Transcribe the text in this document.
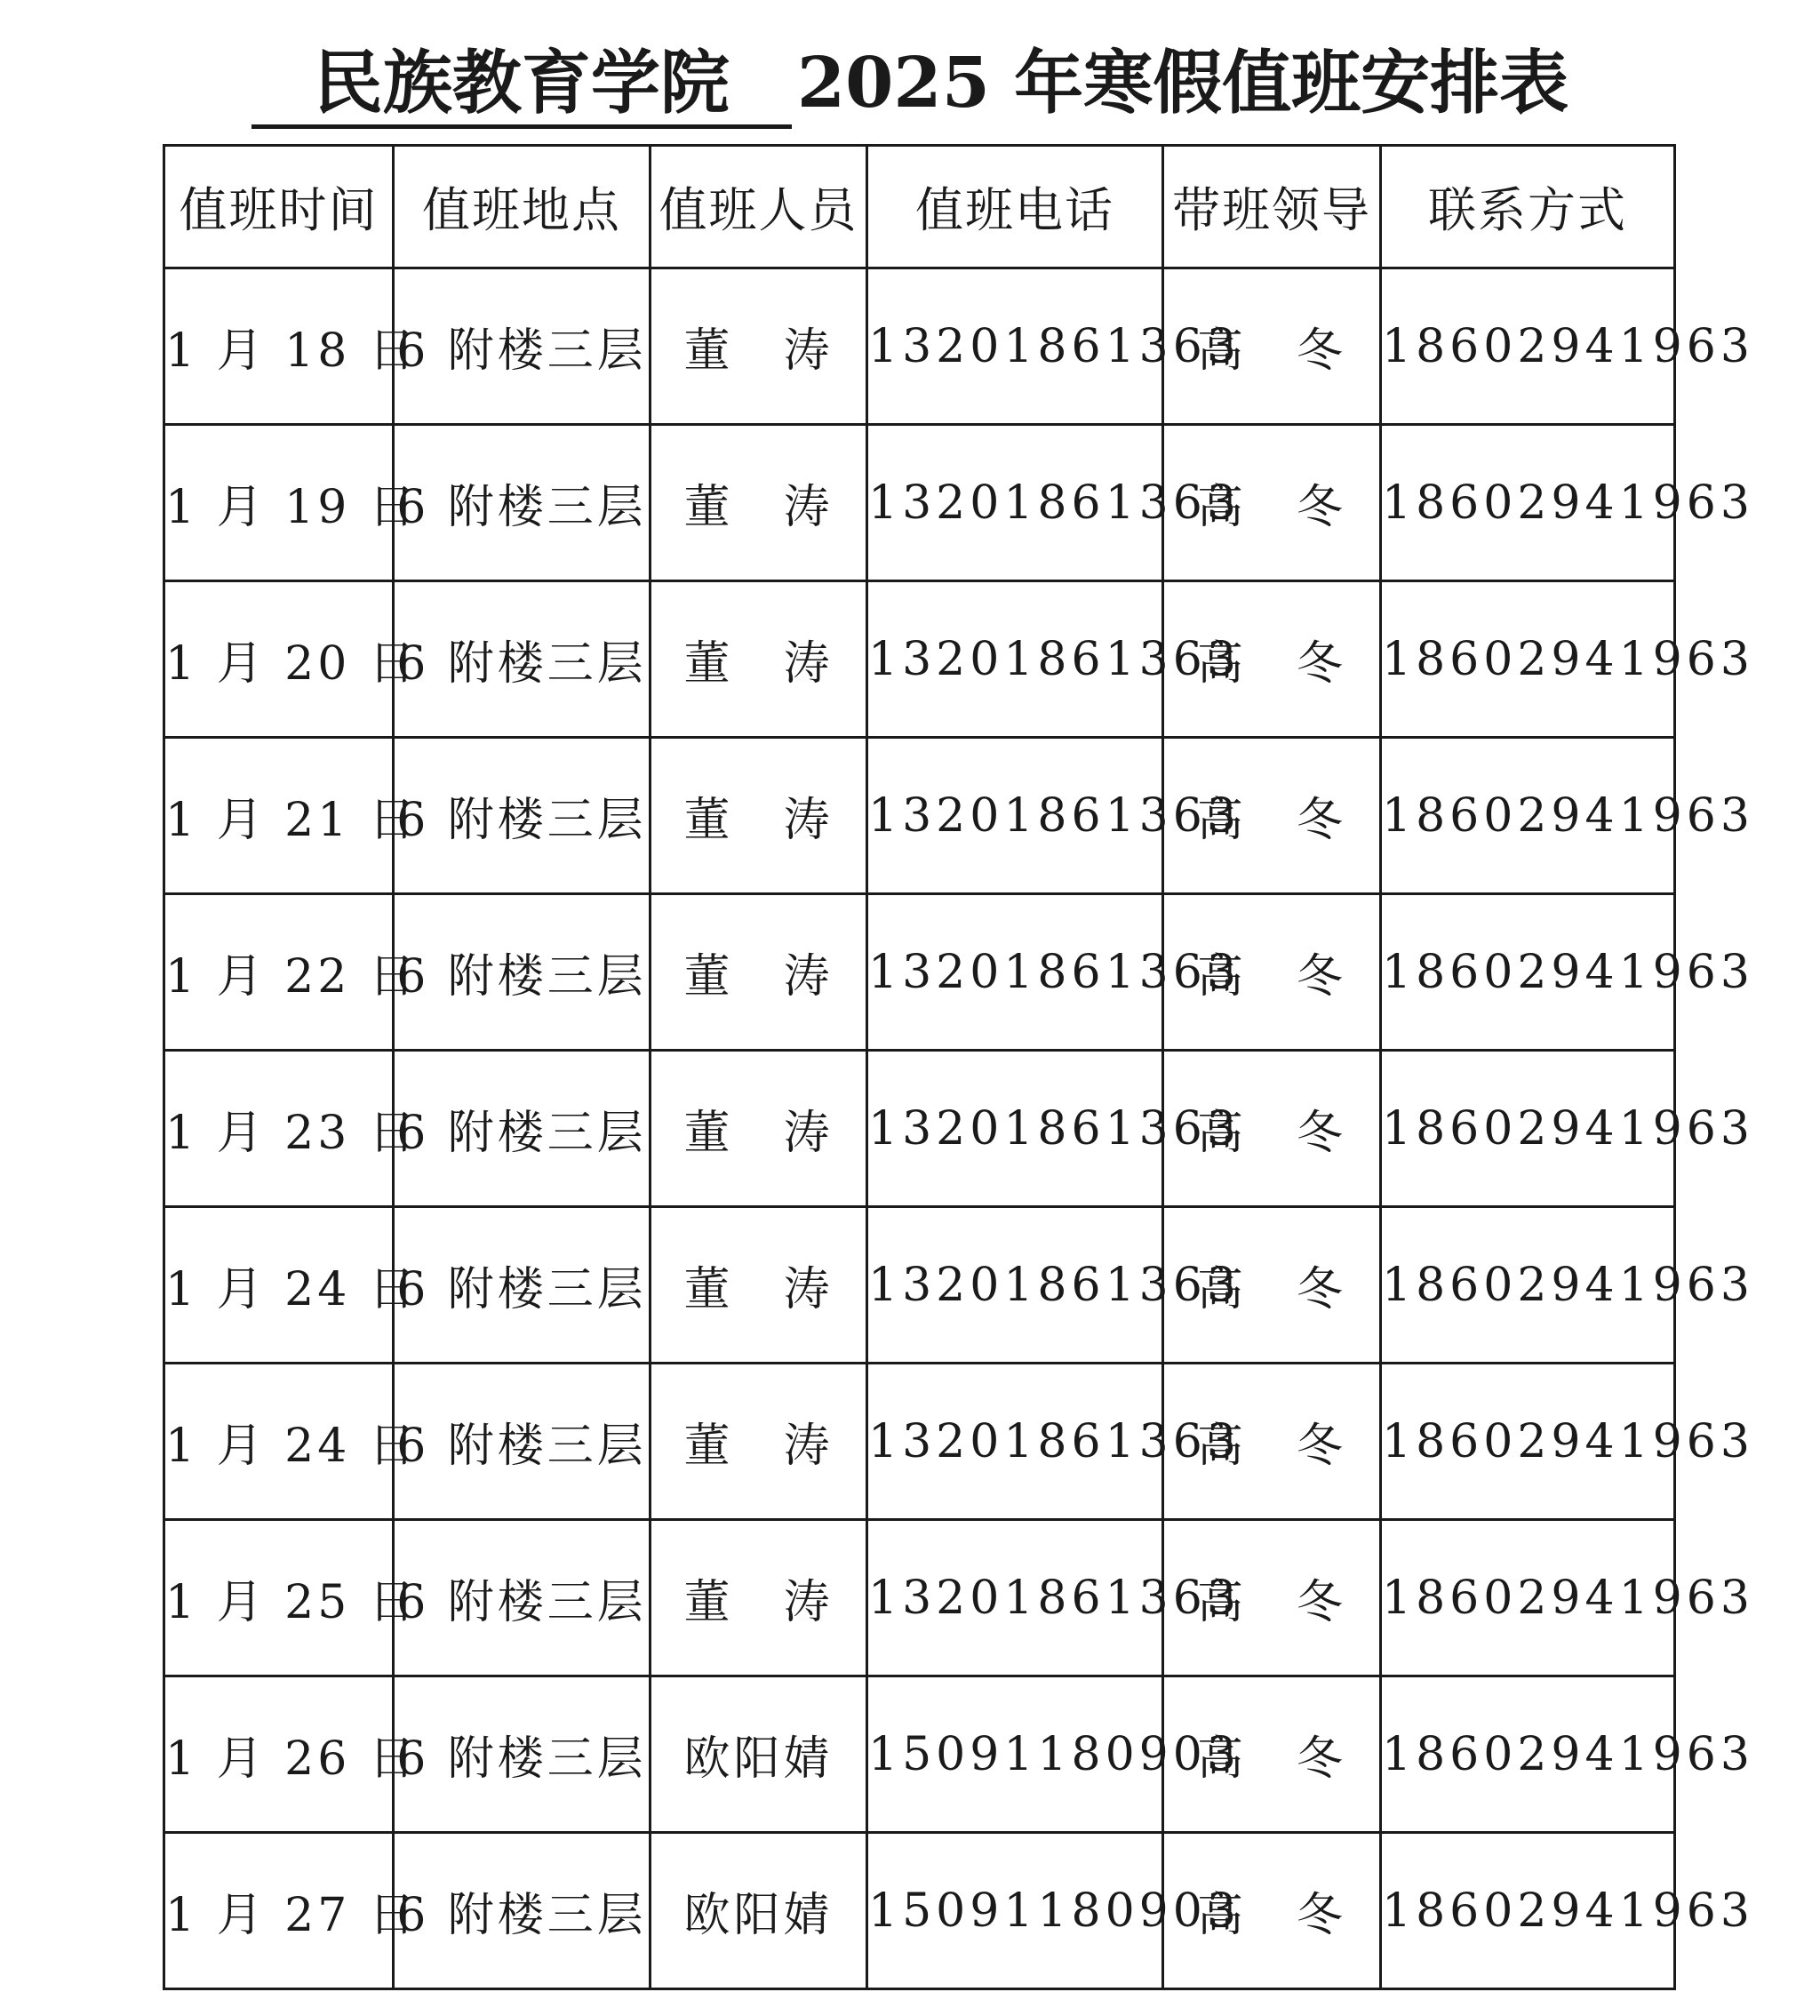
民族教育学院 2025 年寒假值班安排表
值班时间	值班地点	值班人员	值班电话	带班领导	联系方式
1 月 18 日	6 附楼三层	董　涛	13201861363	高　冬	18602941963
1 月 19 日	6 附楼三层	董　涛	13201861363	高　冬	18602941963
1 月 20 日	6 附楼三层	董　涛	13201861363	高　冬	18602941963
1 月 21 日	6 附楼三层	董　涛	13201861363	高　冬	18602941963
1 月 22 日	6 附楼三层	董　涛	13201861363	高　冬	18602941963
1 月 23 日	6 附楼三层	董　涛	13201861363	高　冬	18602941963
1 月 24 日	6 附楼三层	董　涛	13201861363	高　冬	18602941963
1 月 24 日	6 附楼三层	董　涛	13201861363	高　冬	18602941963
1 月 25 日	6 附楼三层	董　涛	13201861363	高　冬	18602941963
1 月 26 日	6 附楼三层	欧阳婧	15091180903	高　冬	18602941963
1 月 27 日	6 附楼三层	欧阳婧	15091180903	高　冬	18602941963
